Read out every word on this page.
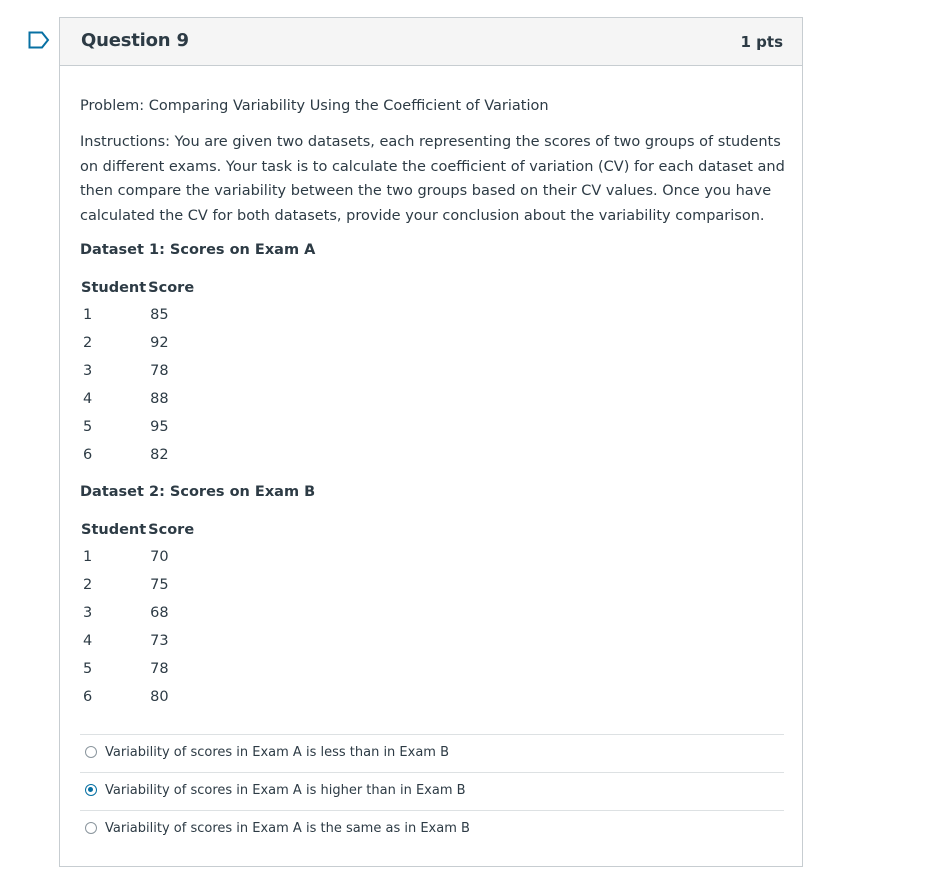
Question 9	1 pts
Problem: Comparing Variability Using the Coefficient of Variation

Instructions: You are given two datasets, each representing the scores of two groups of students on different exams. Your task is to calculate the coefficient of variation (CV) for each dataset and then compare the variability between the two groups based on their CV values. Once you have calculated the CV for both datasets, provide your conclusion about the variability comparison.

Dataset 1: Scores on Exam A
Student	Score
1	85
2	92
3	78
4	88
5	95
6	82
Dataset 2: Scores on Exam B
Student	Score
1	70
2	75
3	68
4	73
5	78
6	80
Variability of scores in Exam A is less than in Exam B
Variability of scores in Exam A is higher than in Exam B
Variability of scores in Exam A is the same as in Exam B
